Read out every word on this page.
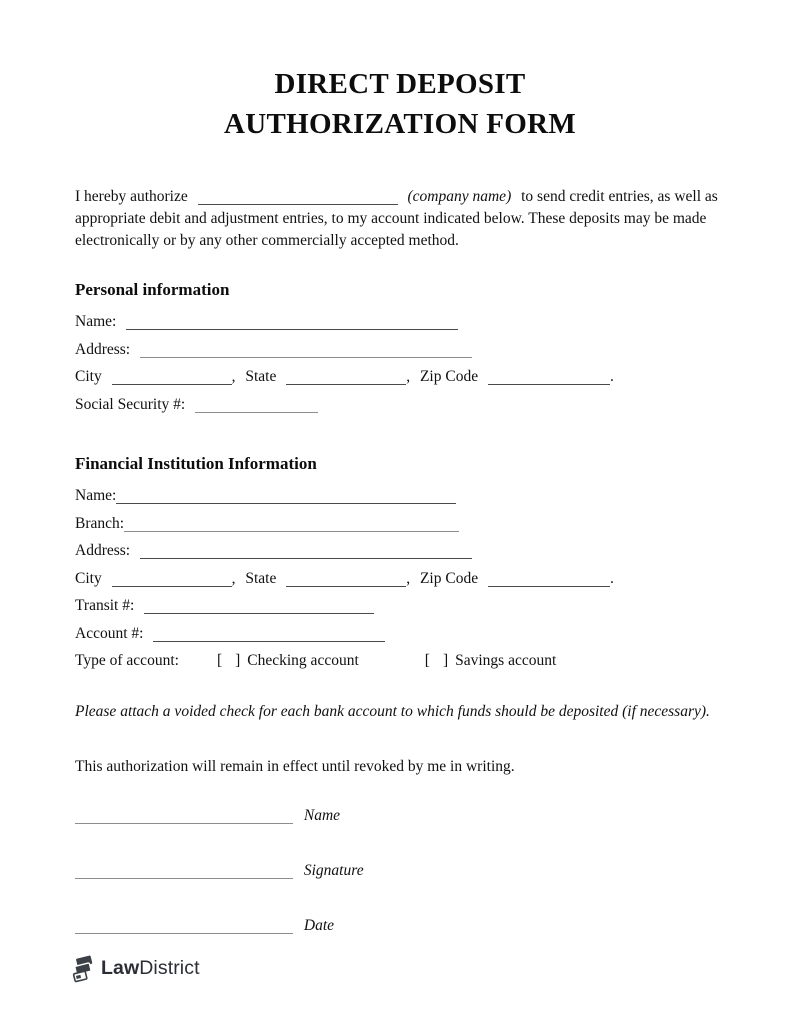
DIRECT DEPOSIT
AUTHORIZATION FORM
I hereby authorize	(company name) to send credit entries, as well as
appropriate debit and adjustment entries, to my account indicated below. These deposits may be made
electronically or by any other commercially accepted method.
Personal information
Name:
Address:
City	, State	, Zip Code	.
Social Security #:
Financial Institution Information
Name:
Branch:
Address:
City	, State	, Zip Code	.
Transit #:
Account #:
Type of account: [ ] Checking account	[ ] Savings account
Please attach a voided check for each bank account to which funds should be deposited (if necessary).
This authorization will remain in effect until revoked by me in writing.
Name
Signature
Date
LawDistrict
